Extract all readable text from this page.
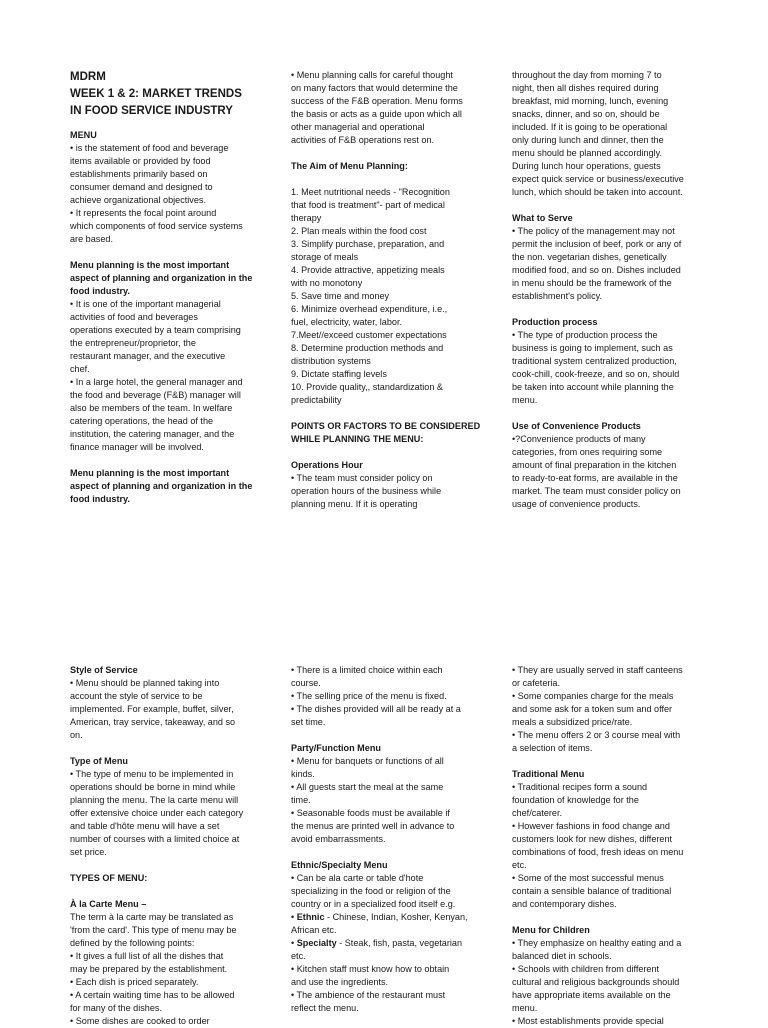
MDRM

WEEK 1 & 2: MARKET TRENDS

IN FOOD SERVICE INDUSTRY

MENU

• is the statement of food and beverage

items available or provided by food

establishments primarily based on

consumer demand and designed to

achieve organizational objectives.

• It represents the focal point around

which components of food service systems

are based.

Menu planning is the most important

aspect of planning and organization in the

food industry.

• It is one of the important managerial

activities of food and beverages

operations executed by a team comprising

the entrepreneur/proprietor, the

restaurant manager, and the executive

chef.

• In a large hotel, the general manager and

the food and beverage (F&B) manager will

also be members of the team. In welfare

catering operations, the head of the

institution, the catering manager, and the

finance manager will be involved.

Menu planning is the most important

aspect of planning and organization in the

food industry.

• Menu planning calls for careful thought

on many factors that would determine the

success of the F&B operation. Menu forms

the basis or acts as a guide upon which all

other managerial and operational

activities of F&B operations rest on.

The Aim of Menu Planning:

1. Meet nutritional needs - "Recognition

that food is treatment"- part of medical

therapy

2. Plan meals within the food cost

3. Simplify purchase, preparation, and

storage of meals

4. Provide attractive, appetizing meals

with no monotony

5. Save time and money

6. Minimize overhead expenditure, i.e.,

fuel, electricity, water, labor.

7.Meet//exceed customer expectations

8. Determine production methods and

distribution systems

9. Dictate staffing levels

10. Provide quality,, standardization &

predictability

POINTS OR FACTORS TO BE CONSIDERED

WHILE PLANNING THE MENU:

Operations Hour

• The team must consider policy on

operation hours of the business while

planning menu. If it is operating

throughout the day from morning 7 to

night, then all dishes required during

breakfast, mid morning, lunch, evening

snacks, dinner, and so on, should be

included. If it is going to be operational

only during lunch and dinner, then the

menu should be planned accordingly.

During lunch hour operations, guests

expect quick service or business/executive

lunch, which should be taken into account.

What to Serve

• The policy of the management may not

permit the inclusion of beef, pork or any of

the non. vegetarian dishes, genetically

modified food, and so on. Dishes included

in menu should be the framework of the

establishment's policy.

Production process

• The type of production process the

business is going to implement, such as

traditional system centralized production,

cook-chill, cook-freeze, and so on, should

be taken into account while planning the

menu.

Use of Convenience Products

•?Convenience products of many

categories, from ones requiring some

amount of final preparation in the kitchen

to ready-to-eat forms, are available in the

market. The team must consider policy on

usage of convenience products.

Style of Service

• Menu should be planned taking into

account the style of service to be

implemented. For example, buffet, silver,

American, tray service, takeaway, and so

on.

Type of Menu

• The type of menu to be implemented in

operations should be borne in mind while

planning the menu. The la carte menu will

offer extensive choice under each category

and table d'hôte menu will have a set

number of courses with a limited choice at

set price.

TYPES OF MENU:

À la Carte Menu –

The term à la carte may be translated as

'from the card'. This type of menu may be

defined by the following points:

• It gives a full list of all the dishes that

may be prepared by the establishment.

• Each dish is priced separately.

• A certain waiting time has to be allowed

for many of the dishes.

• Some dishes are cooked to order

• There is a limited choice within each

course.

• The selling price of the menu is fixed.

• The dishes provided will all be ready at a

set time.

Party/Function Menu

• Menu for banquets or functions of all

kinds.

• All guests start the meal at the same

time.

• Seasonable foods must be available if

the menus are printed well in advance to

avoid embarrassments.

Ethnic/Specialty Menu

• Can be ala carte or table d'hote

specializing in the food or religion of the

country or in a specialized food itself e.g.

• Ethnic - Chinese, Indian, Kosher, Kenyan,

African etc.

• Specialty - Steak, fish, pasta, vegetarian

etc.

• Kitchen staff must know how to obtain

and use the ingredients.

• The ambience of the restaurant must

reflect the menu.

• They are usually served in staff canteens

or cafeteria.

• Some companies charge for the meals

and some ask for a token sum and offer

meals a subsidized price/rate.

• The menu offers 2 or 3 course meal with

a selection of items.

Traditional Menu

• Traditional recipes form a sound

foundation of knowledge for the

chef/caterer.

• However fashions in food change and

customers look for new dishes, different

combinations of food, fresh ideas on menu

etc.

• Some of the most successful menus

contain a sensible balance of traditional

and contemporary dishes.

Menu for Children

• They emphasize on healthy eating and a

balanced diet in schools.

• Schools with children from different

cultural and religious backgrounds should

have appropriate items available on the

menu.

• Most establishments provide special
